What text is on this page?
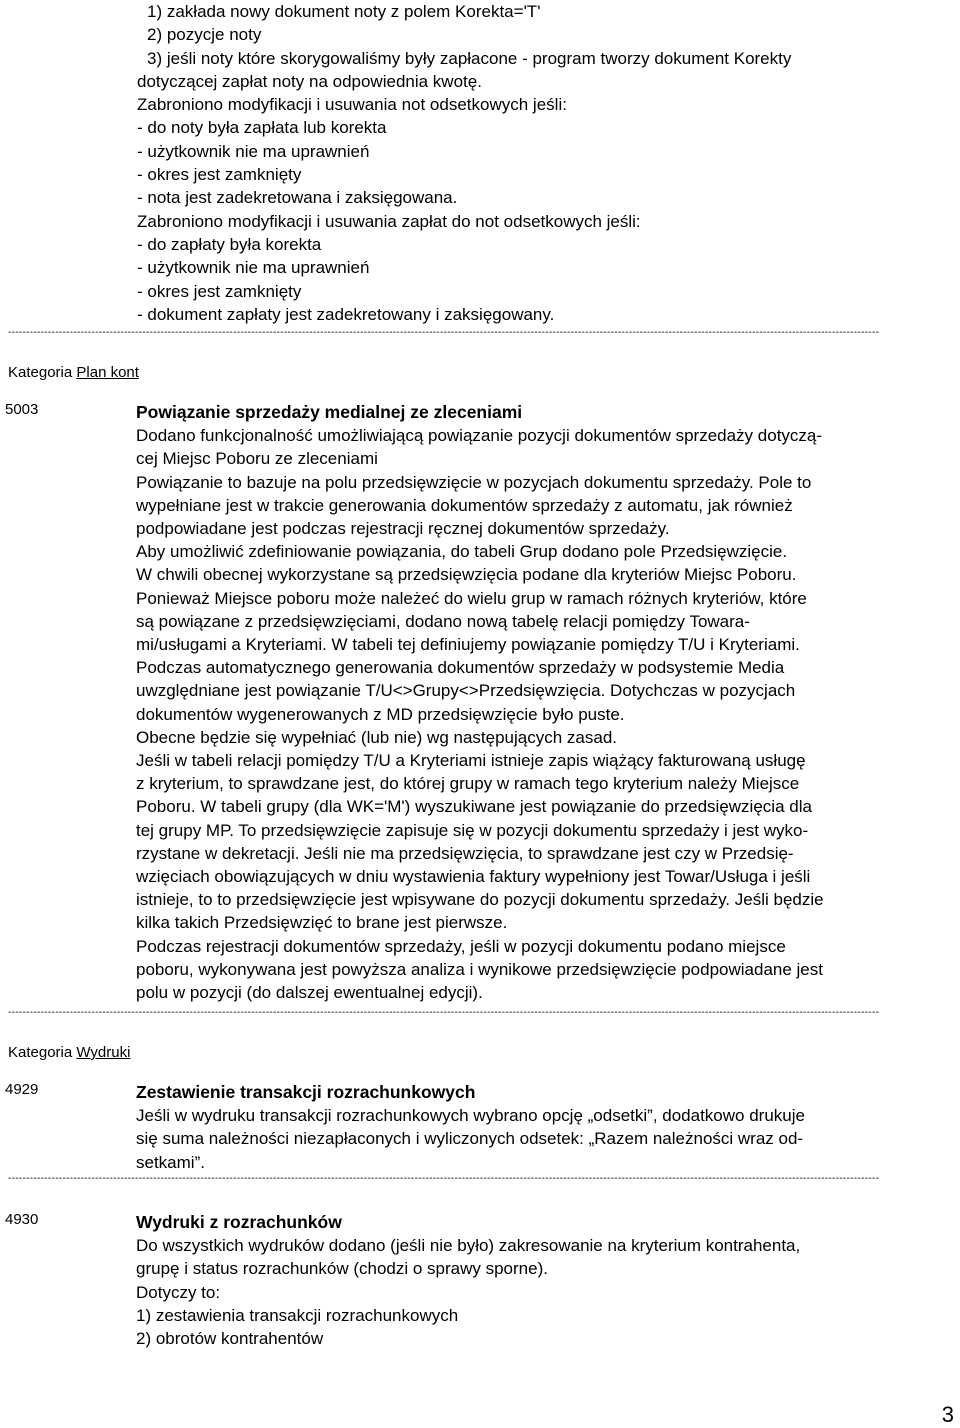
1) zakłada nowy dokument noty z polem Korekta='T'
2) pozycje noty
3) jeśli noty które skorygowaliśmy były zapłacone - program tworzy dokument Korekty
dotyczącej zapłat noty na odpowiednia kwotę.
Zabroniono modyfikacji i usuwania not odsetkowych jeśli:
- do noty była zapłata lub korekta
- użytkownik nie ma uprawnień
- okres jest zamknięty
- nota jest zadekretowana i zaksięgowana.
Zabroniono modyfikacji i usuwania zapłat do not odsetkowych jeśli:
- do zapłaty była korekta
- użytkownik nie ma uprawnień
- okres jest zamknięty
- dokument zapłaty jest zadekretowany i zaksięgowany.
------------------------------------------------------------------------------------------------------------------------------------------------------------------------------------------------------------------------------------------------
Kategoria Plan kont
5003	Powiązanie sprzedaży medialnej ze zleceniami
Dodano funkcjonalność umożliwiającą powiązanie pozycji dokumentów sprzedaży dotyczą-
cej Miejsc Poboru ze zleceniami
Powiązanie to bazuje na polu przedsięwzięcie w pozycjach dokumentu sprzedaży. Pole to
wypełniane jest w trakcie generowania dokumentów sprzedaży z automatu, jak również
podpowiadane jest podczas rejestracji ręcznej dokumentów sprzedaży.
Aby umożliwić zdefiniowanie powiązania, do tabeli Grup dodano pole Przedsięwzięcie.
W chwili obecnej wykorzystane są przedsięwzięcia podane dla kryteriów Miejsc Poboru.
Ponieważ Miejsce poboru może należeć do wielu grup w ramach różnych kryteriów, które
są powiązane z przedsięwzięciami, dodano nową tabelę relacji pomiędzy Towara-
mi/usługami a Kryteriami. W tabeli tej definiujemy powiązanie pomiędzy T/U i Kryteriami.
Podczas automatycznego generowania dokumentów sprzedaży w podsystemie Media
uwzględniane jest powiązanie T/U<>Grupy<>Przedsięwzięcia. Dotychczas w pozycjach
dokumentów wygenerowanych z MD przedsięwzięcie było puste.
Obecne będzie się wypełniać (lub nie) wg następujących zasad.
Jeśli w tabeli relacji pomiędzy T/U a Kryteriami istnieje zapis wiążący fakturowaną usługę
z kryterium, to sprawdzane jest, do której grupy w ramach tego kryterium należy Miejsce
Poboru. W tabeli grupy (dla WK='M') wyszukiwane jest powiązanie do przedsięwzięcia dla
tej grupy MP. To przedsięwzięcie zapisuje się w pozycji dokumentu sprzedaży i jest wyko-
rzystane w dekretacji. Jeśli nie ma przedsięwzięcia, to sprawdzane jest czy w Przedsię-
wzięciach obowiązujących w dniu wystawienia faktury wypełniony jest Towar/Usługa i jeśli
istnieje, to to przedsięwzięcie jest wpisywane do pozycji dokumentu sprzedaży. Jeśli będzie
kilka takich Przedsięwzięć to brane jest pierwsze.
Podczas rejestracji dokumentów sprzedaży, jeśli w pozycji dokumentu podano miejsce
poboru, wykonywana jest powyższa analiza i wynikowe przedsięwzięcie podpowiadane jest
polu w pozycji (do dalszej ewentualnej edycji).
------------------------------------------------------------------------------------------------------------------------------------------------------------------------------------------------------------------------------------------------
Kategoria Wydruki
4929	Zestawienie transakcji rozrachunkowych
Jeśli w wydruku transakcji rozrachunkowych wybrano opcję „odsetki”, dodatkowo drukuje
się suma należności niezapłaconych i wyliczonych odsetek: „Razem należności wraz od-
setkami”.
------------------------------------------------------------------------------------------------------------------------------------------------------------------------------------------------------------------------------------------------
4930	Wydruki z rozrachunków
Do wszystkich wydruków dodano (jeśli nie było) zakresowanie na kryterium kontrahenta,
grupę i status rozrachunków (chodzi o sprawy sporne).
Dotyczy to:
1) zestawienia transakcji rozrachunkowych
2) obrotów kontrahentów
3
